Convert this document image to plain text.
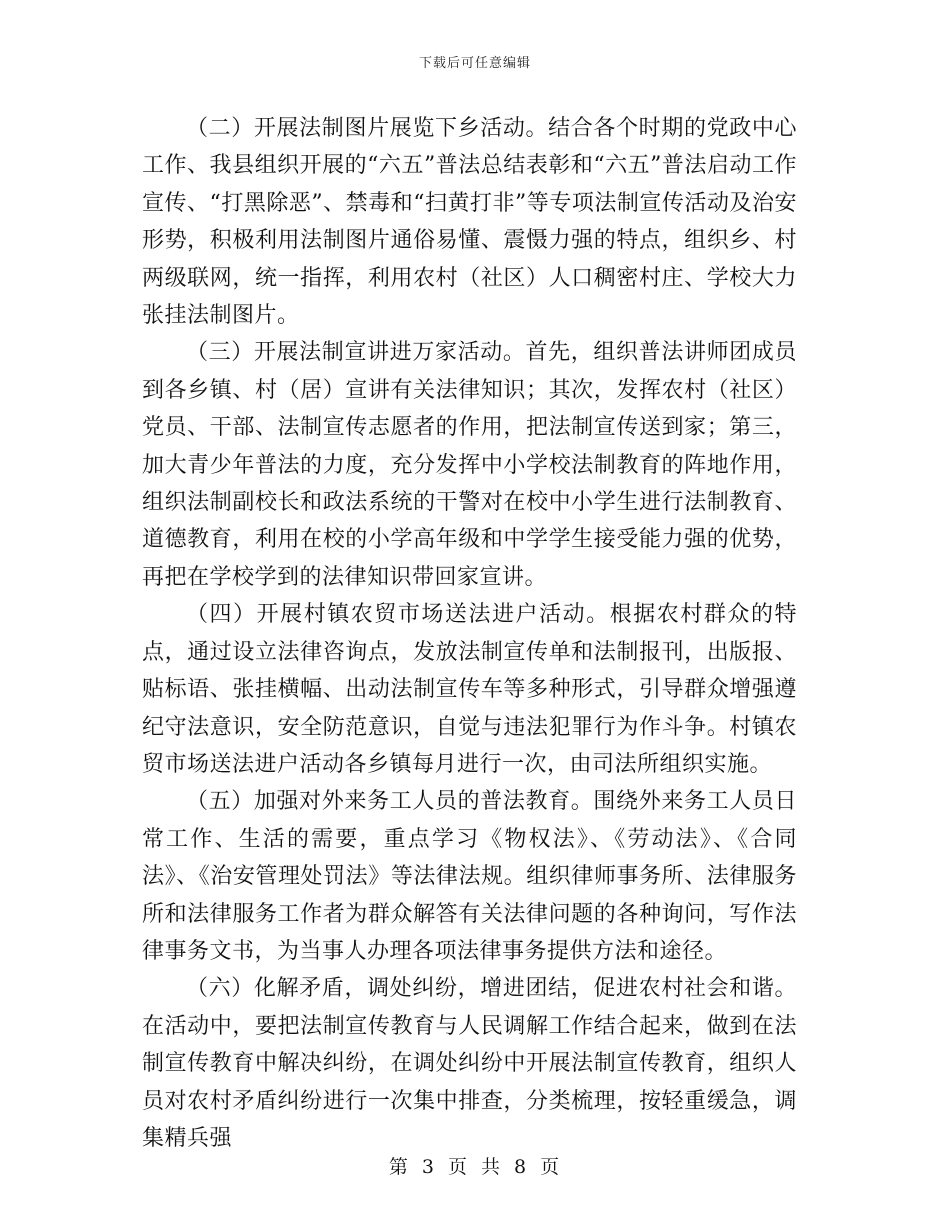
下载后可任意编辑

（二）开展法制图片展览下乡活动。结合各个时期的党政中心工作、我县组织开展的“六五”普法总结表彰和“六五”普法启动工作宣传、“打黑除恶”、禁毒和“扫黄打非”等专项法制宣传活动及治安形势，积极利用法制图片通俗易懂、震慑力强的特点，组织乡、村两级联网，统一指挥，利用农村（社区）人口稠密村庄、学校大力张挂法制图片。

（三）开展法制宣讲进万家活动。首先，组织普法讲师团成员到各乡镇、村（居）宣讲有关法律知识；其次，发挥农村（社区）党员、干部、法制宣传志愿者的作用，把法制宣传送到家；第三，加大青少年普法的力度，充分发挥中小学校法制教育的阵地作用，组织法制副校长和政法系统的干警对在校中小学生进行法制教育、道德教育，利用在校的小学高年级和中学学生接受能力强的优势，再把在学校学到的法律知识带回家宣讲。

（四）开展村镇农贸市场送法进户活动。根据农村群众的特点，通过设立法律咨询点，发放法制宣传单和法制报刊，出版报、贴标语、张挂横幅、出动法制宣传车等多种形式，引导群众增强遵纪守法意识，安全防范意识，自觉与违法犯罪行为作斗争。村镇农贸市场送法进户活动各乡镇每月进行一次，由司法所组织实施。

（五）加强对外来务工人员的普法教育。围绕外来务工人员日常工作、生活的需要，重点学习《物权法》、《劳动法》、《合同法》、《治安管理处罚法》等法律法规。组织律师事务所、法律服务所和法律服务工作者为群众解答有关法律问题的各种询问，写作法律事务文书，为当事人办理各项法律事务提供方法和途径。

（六）化解矛盾，调处纠纷，增进团结，促进农村社会和谐。在活动中，要把法制宣传教育与人民调解工作结合起来，做到在法制宣传教育中解决纠纷，在调处纠纷中开展法制宣传教育，组织人员对农村矛盾纠纷进行一次集中排查，分类梳理，按轻重缓急，调集精兵强

第 3 页 共 8 页
